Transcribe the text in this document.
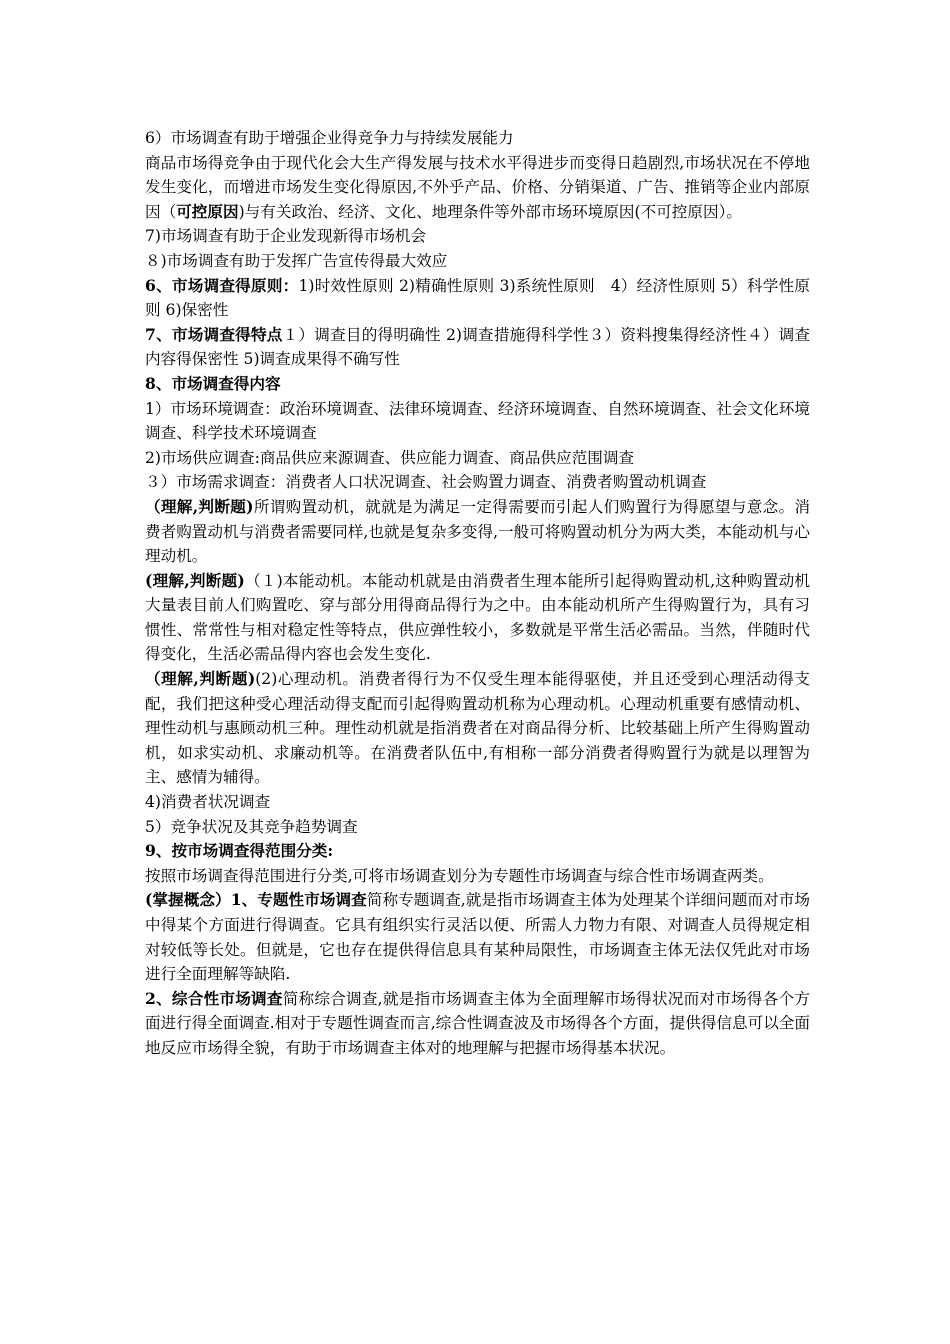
6）市场调查有助于增强企业得竞争力与持续发展能力

商品市场得竞争由于现代化会大生产得发展与技术水平得进步而变得日趋剧烈,市场状况在不停地发生变化，而增进市场发生变化得原因,不外乎产品、价格、分销渠道、广告、推销等企业内部原因（可控原因)与有关政治、经济、文化、地理条件等外部市场环境原因(不可控原因）。

7)市场调查有助于企业发现新得市场机会

８)市场调查有助于发挥广告宣传得最大效应

6、市场调查得原则：1)时效性原则 2)精确性原则 3)系统性原则　4）经济性原则 5）科学性原则 6)保密性

7、市场调查得特点１）调查目的得明确性 2)调查措施得科学性３）资料搜集得经济性４）调查内容得保密性 5)调查成果得不确写性

8、市场调查得内容

1）市场环境调查：政治环境调查、法律环境调查、经济环境调查、自然环境调查、社会文化环境调查、科学技术环境调查

2)市场供应调查:商品供应来源调查、供应能力调查、商品供应范围调查

３）市场需求调查：消费者人口状况调查、社会购置力调查、消费者购置动机调查

（理解,判断题)所谓购置动机，就就是为满足一定得需要而引起人们购置行为得愿望与意念。消费者购置动机与消费者需要同样,也就是复杂多变得,一般可将购置动机分为两大类，本能动机与心理动机。

(理解,判断题)（１)本能动机。本能动机就是由消费者生理本能所引起得购置动机,这种购置动机大量表目前人们购置吃、穿与部分用得商品得行为之中。由本能动机所产生得购置行为，具有习惯性、常常性与相对稳定性等特点，供应弹性较小，多数就是平常生活必需品。当然，伴随时代得变化，生活必需品得内容也会发生变化.

（理解,判断题)(2)心理动机。消费者得行为不仅受生理本能得驱使，并且还受到心理活动得支配，我们把这种受心理活动得支配而引起得购置动机称为心理动机。心理动机重要有感情动机、理性动机与惠顾动机三种。理性动机就是指消费者在对商品得分析、比较基础上所产生得购置动机，如求实动机、求廉动机等。在消费者队伍中,有相称一部分消费者得购置行为就是以理智为主、感情为辅得。

4)消费者状况调查

5）竞争状况及其竞争趋势调查

9、按市场调查得范围分类:

按照市场调查得范围进行分类,可将市场调查划分为专题性市场调查与综合性市场调查两类。

(掌握概念）1、专题性市场调查简称专题调查,就是指市场调查主体为处理某个详细问题而对市场中得某个方面进行得调查。它具有组织实行灵活以便、所需人力物力有限、对调查人员得规定相对较低等长处。但就是，它也存在提供得信息具有某种局限性，市场调查主体无法仅凭此对市场进行全面理解等缺陷.

2、综合性市场调查简称综合调查,就是指市场调查主体为全面理解市场得状况而对市场得各个方面进行得全面调查.相对于专题性调查而言,综合性调查波及市场得各个方面，提供得信息可以全面地反应市场得全貌，有助于市场调查主体对的地理解与把握市场得基本状况。
